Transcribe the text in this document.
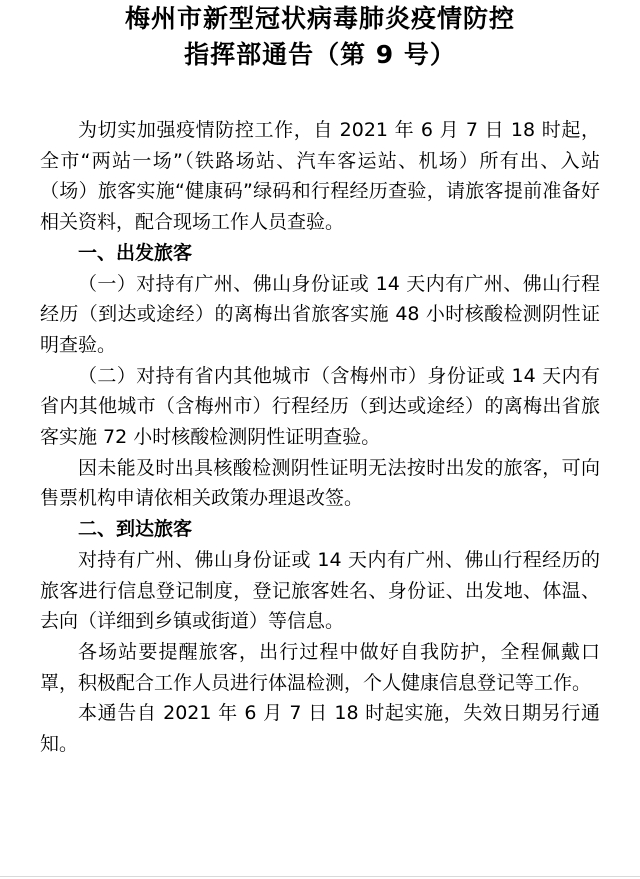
梅州市新型冠状病毒肺炎疫情防控
指挥部通告（第 9 号）

为切实加强疫情防控工作，自 2021 年 6 月 7 日 18 时起，全市“两站一场”（铁路场站、汽车客运站、机场）所有出、入站（场）旅客实施“健康码”绿码和行程经历查验，请旅客提前准备好相关资料，配合现场工作人员查验。

一、出发旅客

（一）对持有广州、佛山身份证或 14 天内有广州、佛山行程经历（到达或途经）的离梅出省旅客实施 48 小时核酸检测阴性证明查验。

（二）对持有省内其他城市（含梅州市）身份证或 14 天内有省内其他城市（含梅州市）行程经历（到达或途经）的离梅出省旅客实施 72 小时核酸检测阴性证明查验。

因未能及时出具核酸检测阴性证明无法按时出发的旅客，可向售票机构申请依相关政策办理退改签。

二、到达旅客

对持有广州、佛山身份证或 14 天内有广州、佛山行程经历的旅客进行信息登记制度，登记旅客姓名、身份证、出发地、体温、去向（详细到乡镇或街道）等信息。

各场站要提醒旅客，出行过程中做好自我防护，全程佩戴口罩，积极配合工作人员进行体温检测，个人健康信息登记等工作。

本通告自 2021 年 6 月 7 日 18 时起实施，失效日期另行通知。
